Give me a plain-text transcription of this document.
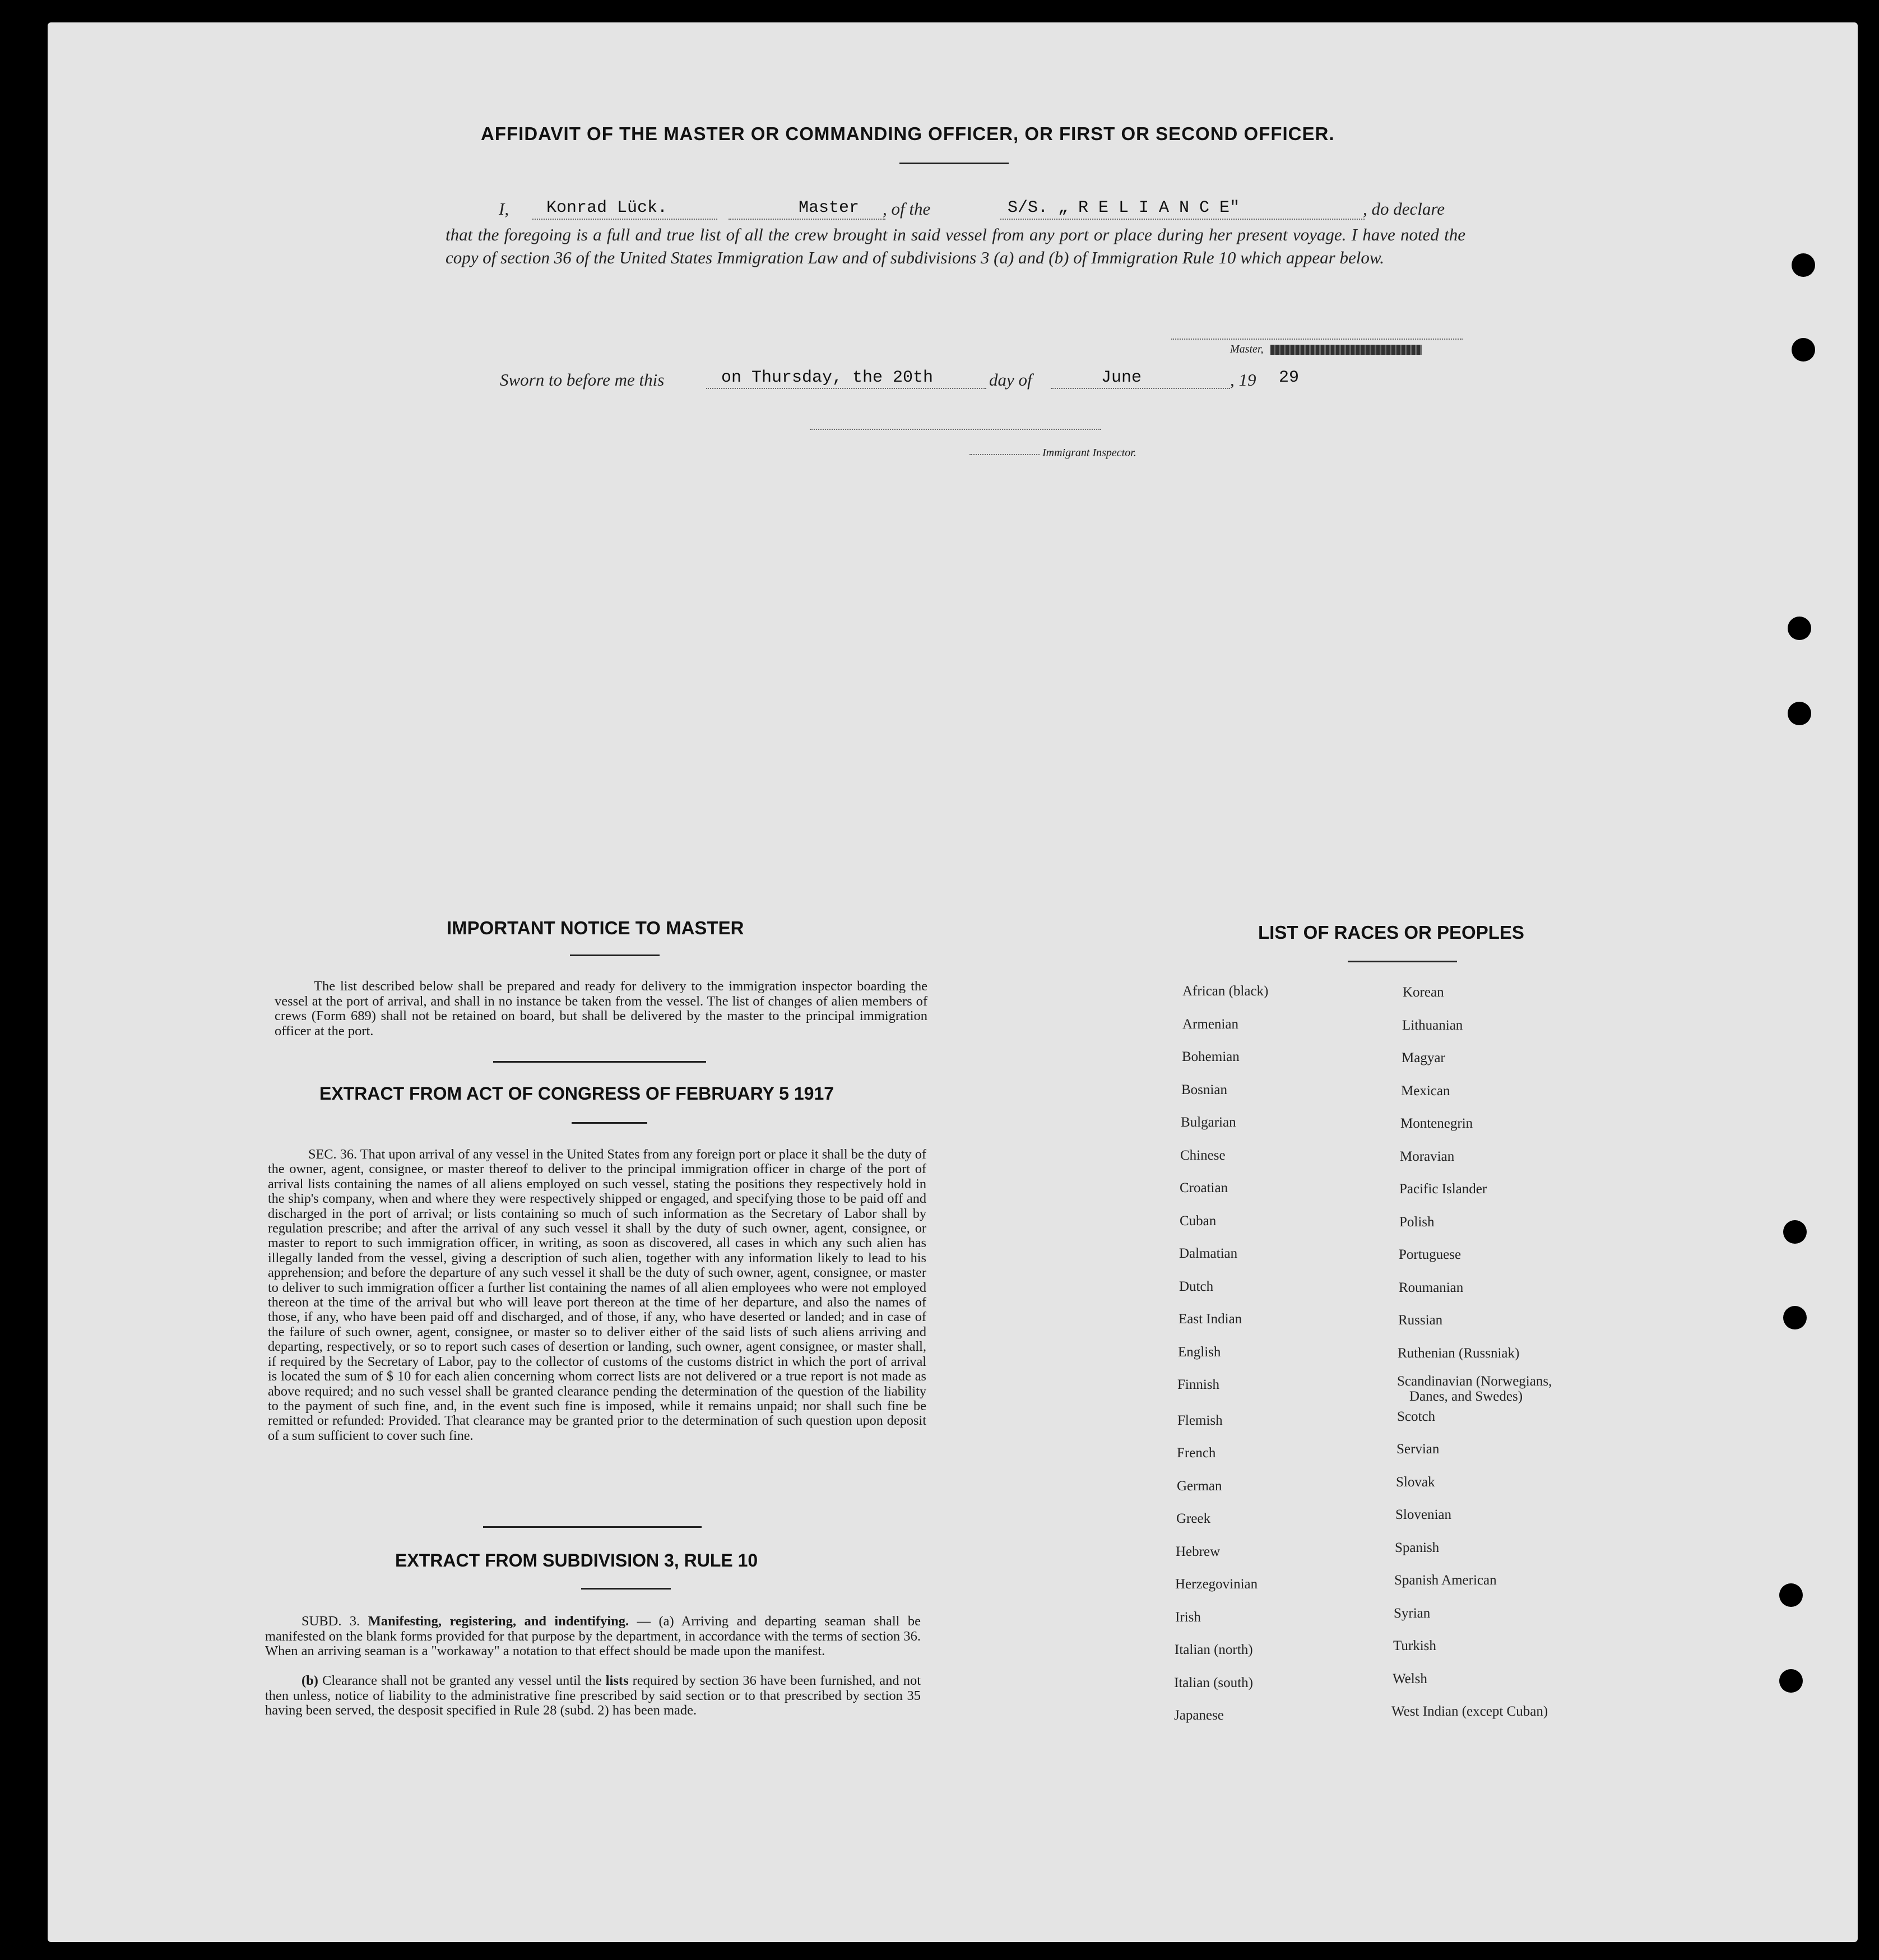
AFFIDAVIT OF THE MASTER OR COMMANDING OFFICER, OR FIRST OR SECOND OFFICER.
I, Konrad Lück.	Master , of the	S/S. „ R E L I A N C E"	, do declare
that the foregoing is a full and true list of all the crew brought in said vessel from any port or place during her present voyage. I have noted the copy of section 36 of the United States Immigration Law and of subdivisions 3 (a) and (b) of Immigration Rule 10 which appear below.
Master,
Sworn to before me this	on Thursday, the 20th	day of	June	, 19 29
Immigrant Inspector.
IMPORTANT NOTICE TO MASTER
The list described below shall be prepared and ready for delivery to the immigration inspector boarding the vessel at the port of arrival, and shall in no instance be taken from the vessel. The list of changes of alien members of crews (Form 689) shall not be retained on board, but shall be delivered by the master to the principal immigration officer at the port.
EXTRACT FROM ACT OF CONGRESS OF FEBRUARY 5 1917
SEC. 36. That upon arrival of any vessel in the United States from any foreign port or place it shall be the duty of the owner, agent, consignee, or master thereof to deliver to the principal immigration officer in charge of the port of arrival lists containing the names of all aliens employed on such vessel, stating the positions they respectively hold in the ship's company, when and where they were respectively shipped or engaged, and specifying those to be paid off and discharged in the port of arrival; or lists containing so much of such information as the Secretary of Labor shall by regulation prescribe; and after the arrival of any such vessel it shall by the duty of such owner, agent, consignee, or master to report to such immigration officer, in writing, as soon as discovered, all cases in which any such alien has illegally landed from the vessel, giving a description of such alien, together with any information likely to lead to his apprehension; and before the departure of any such vessel it shall be the duty of such owner, agent, consignee, or master to deliver to such immigration officer a further list containing the names of all alien employees who were not employed thereon at the time of the arrival but who will leave port thereon at the time of her departure, and also the names of those, if any, who have been paid off and discharged, and of those, if any, who have deserted or landed; and in case of the failure of such owner, agent, consignee, or master so to deliver either of the said lists of such aliens arriving and departing, respectively, or so to report such cases of desertion or landing, such owner, agent consignee, or master shall, if required by the Secretary of Labor, pay to the collector of customs of the customs district in which the port of arrival is located the sum of $ 10 for each alien concerning whom correct lists are not delivered or a true report is not made as above required; and no such vessel shall be granted clearance pending the determination of the question of the liability to the payment of such fine, and, in the event such fine is imposed, while it remains unpaid; nor shall such fine be remitted or refunded: Provided. That clearance may be granted prior to the determination of such question upon deposit of a sum sufficient to cover such fine.
EXTRACT FROM SUBDIVISION 3, RULE 10
SUBD. 3. Manifesting, registering, and indentifying. — (a) Arriving and departing seaman shall be manifested on the blank forms provided for that purpose by the department, in accordance with the terms of section 36. When an arriving seaman is a "workaway" a notation to that effect should be made upon the manifest.
(b) Clearance shall not be granted any vessel until the lists required by section 36 have been furnished, and not then unless, notice of liability to the administrative fine prescribed by said section or to that prescribed by section 35 having been served, the desposit specified in Rule 28 (subd. 2) has been made.
LIST OF RACES OR PEOPLES
African (black)
Armenian
Bohemian
Bosnian
Bulgarian
Chinese
Croatian
Cuban
Dalmatian
Dutch
East Indian
English
Finnish
Flemish
French
German
Greek
Hebrew
Herzegovinian
Irish
Italian (north)
Italian (south)
Japanese
Korean
Lithuanian
Magyar
Mexican
Montenegrin
Moravian
Pacific Islander
Polish
Portuguese
Roumanian
Russian
Ruthenian (Russniak)
Scandinavian (Norwegians,
Danes, and Swedes)
Scotch
Servian
Slovak
Slovenian
Spanish
Spanish American
Syrian
Turkish
Welsh
West Indian (except Cuban)
